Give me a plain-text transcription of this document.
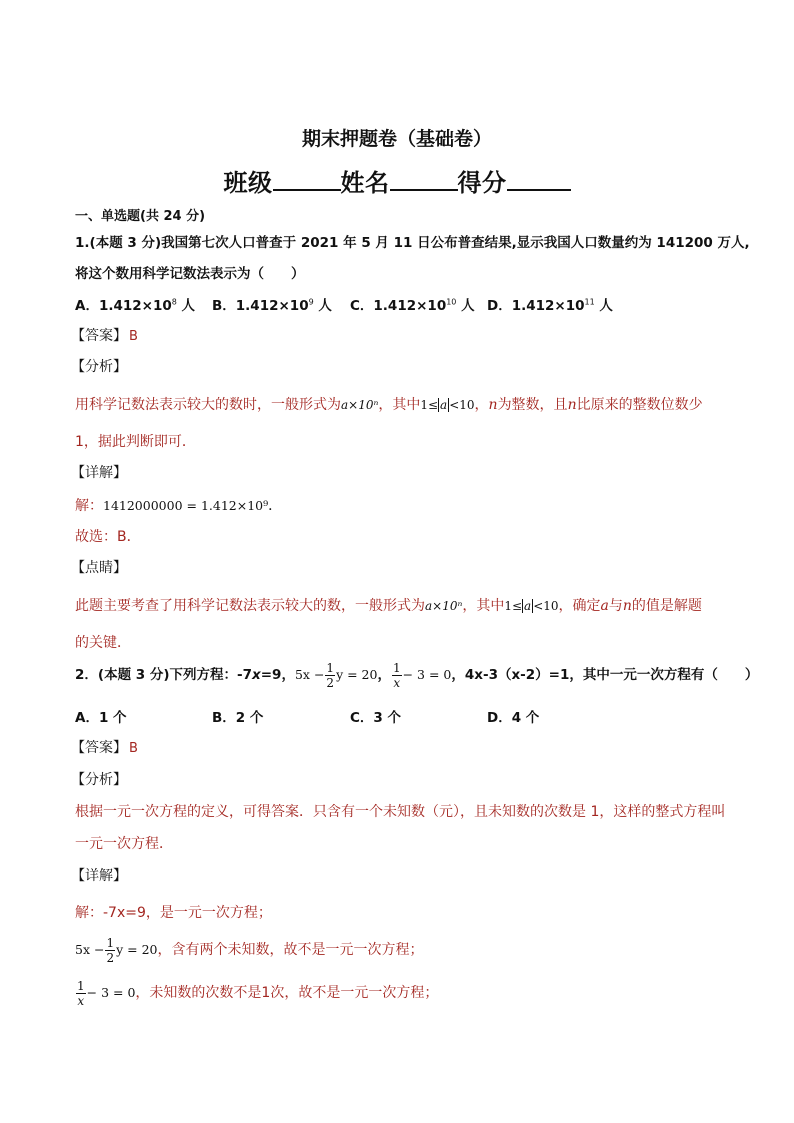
期末押题卷（基础卷）
班级	姓名	得分
一、单选题(共 24 分)
1.(本题 3 分)我国第七次人口普查于 2021 年 5 月 11 日公布普查结果,显示我国人口数量约为 141200 万人,
将这个数用科学记数法表示为（　　）
A．$1.412\times 10^8$ 人 B．$1.412\times 10^9$ 人 C．$1.412\times 10^{10}$ 人 D．$1.412\times 10^{11}$ 人
【答案】 B
【分析】
用科学记数法表示较大的数时，一般形式为a×10ⁿ，其中1≤ a <10，n为整数，且n比原来的整数位数少
1，据此判断即可．
【详解】
解：1412000000 = 1.412×10⁹．
故选：B．
【点睛】
此题主要考查了用科学记数法表示较大的数，一般形式为a×10ⁿ，其中1≤ a <10，确定a与n的值是解题
的关键．
2．(本题 3 分)下列方程：-7x=9，$5x - \frac{1}{2}$ y = 20， $\frac{1}{x} - 3 = 0$，4x-3（x-2）=1，其中一元一次方程有（　　）
A．1 个	B．2 个	C．3 个	D．4 个
【答案】 B
【分析】
根据一元一次方程的定义，可得答案．只含有一个未知数（元），且未知数的次数是 1，这样的整式方程叫
一元一次方程．
【详解】
解：-7x=9，是一元一次方程；
$5x - \frac{1}{2}$ y = 20，含有两个未知数，故不是一元一次方程；
$\frac{1}{x} - 3 = 0$，未知数的次数不是1次，故不是一元一次方程；
